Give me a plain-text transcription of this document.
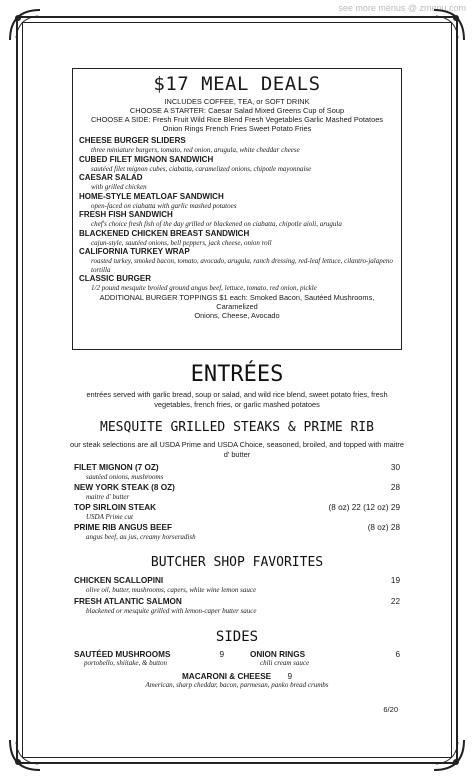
see more menus @ zmenu.com
$17 MEAL DEALS
INCLUDES COFFEE, TEA, or SOFT DRINK
CHOOSE A STARTER: Caesar Salad Mixed Greens Cup of Soup
CHOOSE A SIDE: Fresh Fruit Wild Rice Blend Fresh Vegetables Garlic Mashed Potatoes
Onion Rings French Fries Sweet Potato Fries
CHEESE BURGER SLIDERS
three miniature burgers, tomato, red onion, arugula, white cheddar cheese
CUBED FILET MIGNON SANDWICH
sautéed filet mignon cubes, ciabatta, caramelized onions, chipotle mayonnaise
CAESAR SALAD
with grilled chicken
HOME-STYLE MEATLOAF SANDWICH
open-faced on ciabatta with garlic mashed potatoes
FRESH FISH SANDWICH
chef's choice fresh fish of the day grilled or blackened on ciabatta, chipotle aioli, arugula
BLACKENED CHICKEN BREAST SANDWICH
cajun-style, sautéed onions, bell peppers, jack cheese, onion roll
CALIFORNIA TURKEY WRAP
roasted turkey, smoked bacon, tomato, avocado, arugula, ranch dressing, red-leaf lettuce, cilantro-jalapeno tortilla
CLASSIC BURGER
1/2 pound mesquite broiled ground angus beef, lettuce, tomato, red onion, pickle
ADDITIONAL BURGER TOPPINGS $1 each: Smoked Bacon, Sautéed Mushrooms, Caramelized
Onions, Cheese, Avocado
ENTRÉES
entrées served with garlic bread, soup or salad, and wild rice blend, sweet potato fries, fresh vegetables, french fries, or garlic mashed potatoes
MESQUITE GRILLED STEAKS & PRIME RIB
our steak selections are all USDA Prime and USDA Choice, seasoned, broiled, and topped with maitre d' butter
FILET MIGNON (7 OZ)
sautéed onions, mushrooms
30
NEW YORK STEAK (8 OZ)
maitre d' butter
28
TOP SIRLOIN STEAK
USDA Prime cut
(8 oz) 22 (12 oz) 29
PRIME RIB ANGUS BEEF
angus beef, au jus, creamy horseradish
(8 oz) 28
BUTCHER SHOP FAVORITES
CHICKEN SCALLOPINI
olive oil, butter, mushrooms, capers, white wine lemon sauce
19
FRESH ATLANTIC SALMON
blackened or mesquite grilled with lemon-caper butter sauce
22
SIDES
SAUTÉED MUSHROOMS
portobello, shiitake, & button
9	ONION RINGS
chili cream sauce
6
MACARONI & CHEESE 9
American, sharp cheddar, bacon, parmesan, panko bread crumbs
6/20
